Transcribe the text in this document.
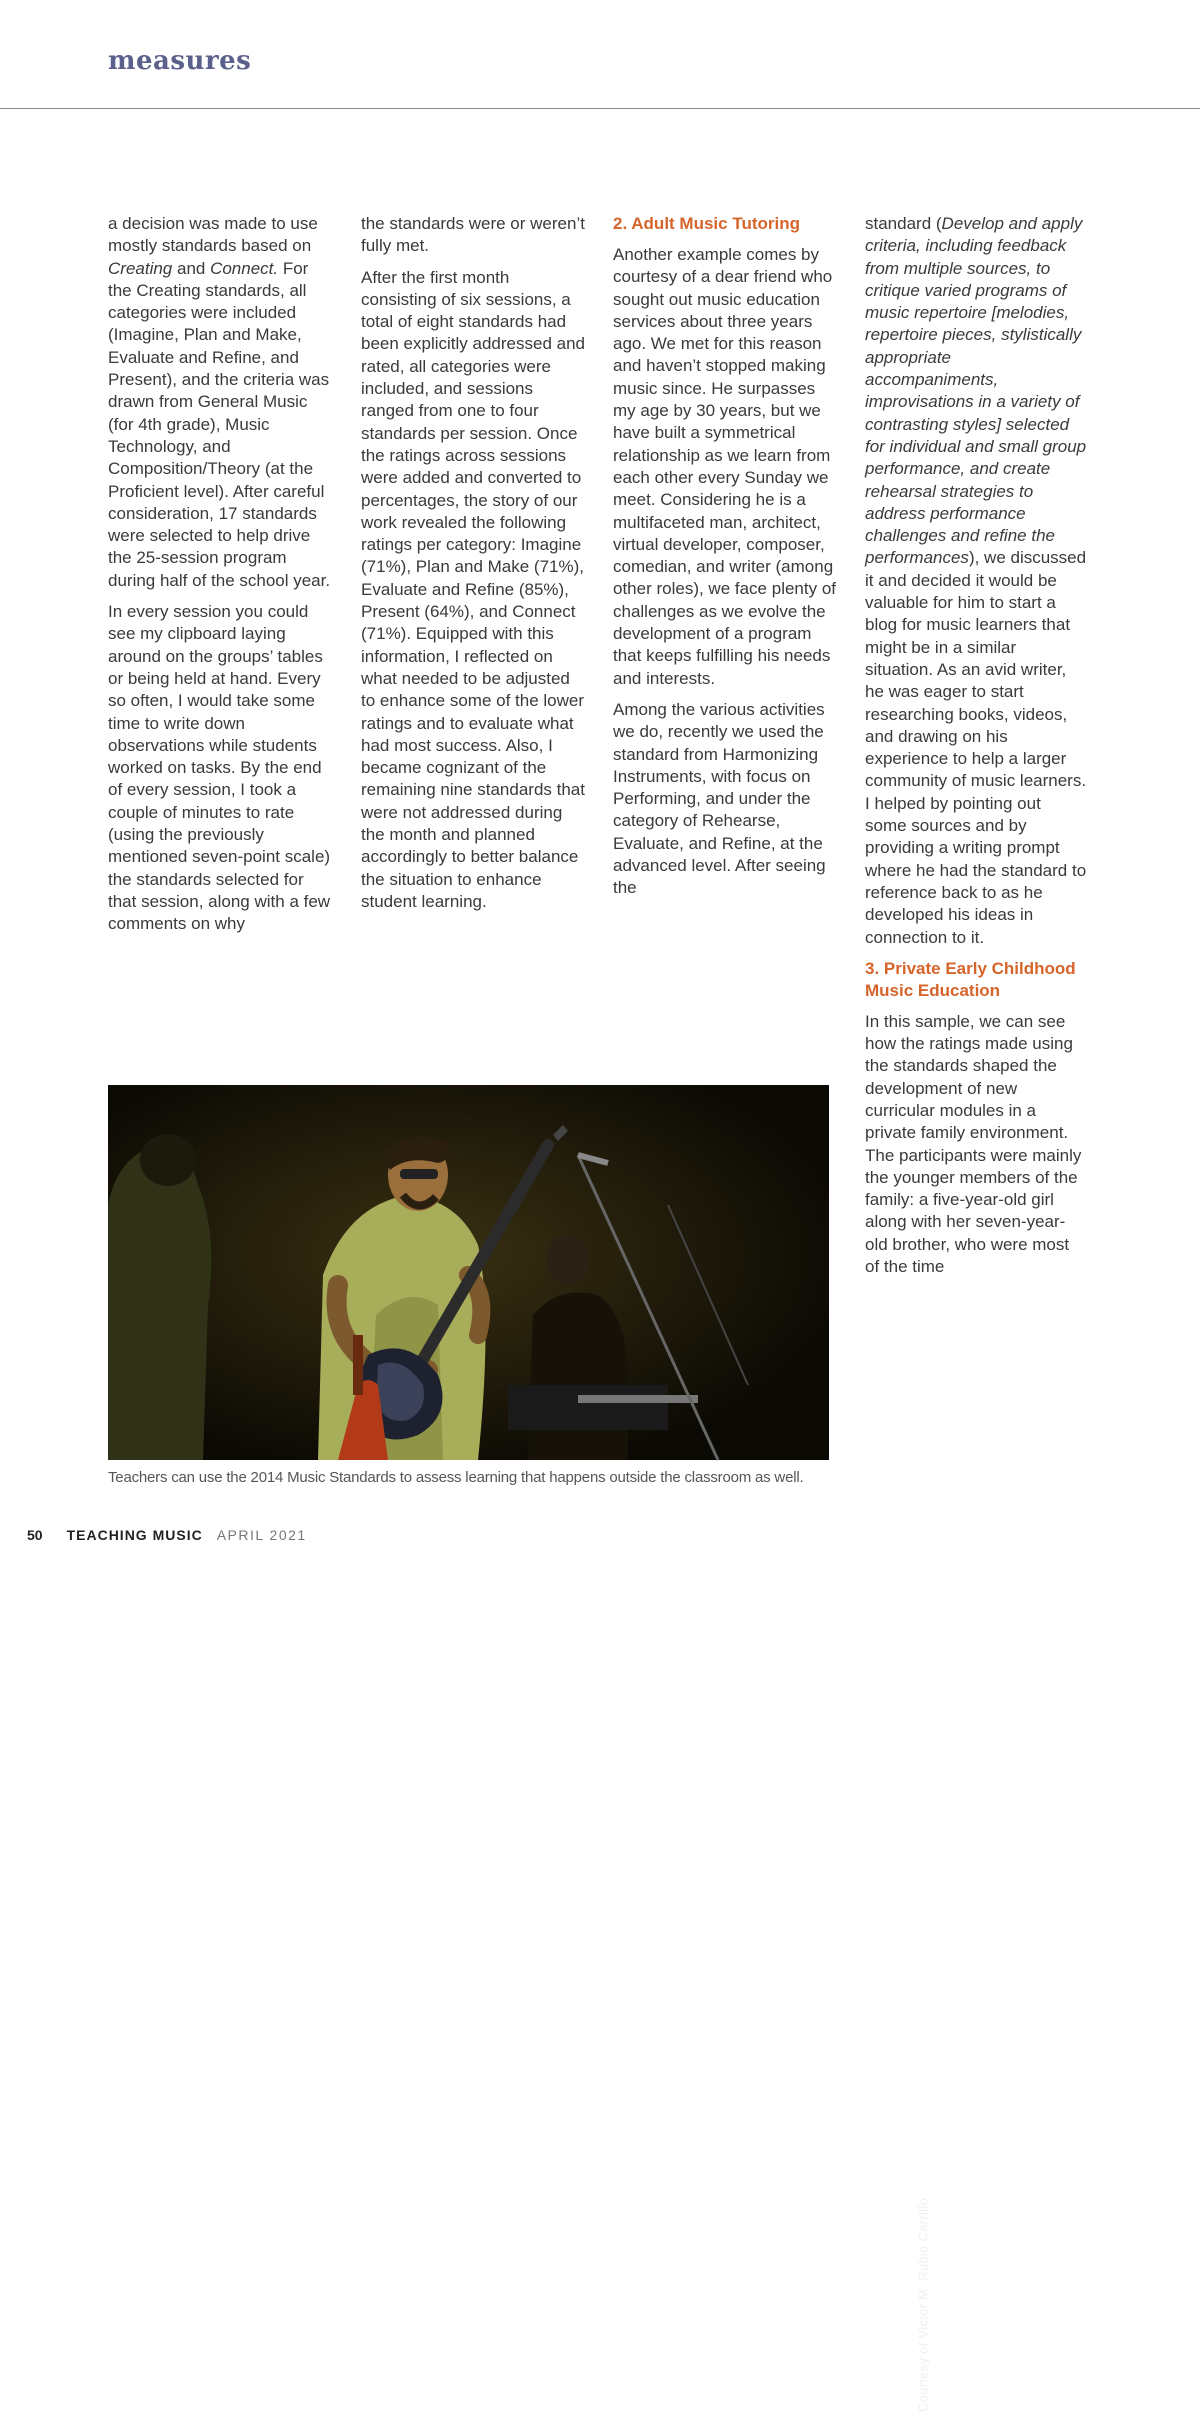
measures

a decision was made to use mostly standards based on Creating and Connect. For the Creating standards, all categories were included (Imagine, Plan and Make, Evaluate and Refine, and Present), and the criteria was drawn from General Music (for 4th grade), Music Technology, and Composition/Theory (at the Proficient level). After careful consideration, 17 standards were selected to help drive the 25-session program during half of the school year.

In every session you could see my clipboard laying around on the groups’ tables or being held at hand. Every so often, I would take some time to write down observations while students worked on tasks. By the end of every session, I took a couple of minutes to rate (using the previously mentioned seven-point scale) the standards selected for that session, along with a few comments on why

the standards were or weren’t fully met.

After the first month consisting of six sessions, a total of eight standards had been explicitly addressed and rated, all categories were included, and sessions ranged from one to four standards per session. Once the ratings across sessions were added and converted to percentages, the story of our work revealed the following ratings per category: Imagine (71%), Plan and Make (71%), Evaluate and Refine (85%), Present (64%), and Connect (71%). Equipped with this information, I reflected on what needed to be adjusted to enhance some of the lower ratings and to evaluate what had most success. Also, I became cognizant of the remaining nine standards that were not addressed during the month and planned accordingly to better balance the situation to enhance student learning.

2. Adult Music Tutoring

Another example comes by courtesy of a dear friend who sought out music education services about three years ago. We met for this reason and haven’t stopped making music since. He surpasses my age by 30 years, but we have built a symmetrical relationship as we learn from each other every Sunday we meet. Considering he is a multifaceted man, architect, virtual developer, composer, comedian, and writer (among other roles), we face plenty of challenges as we evolve the development of a program that keeps fulfilling his needs and interests.

Among the various activities we do, recently we used the standard from Harmonizing Instruments, with focus on Performing, and under the category of Rehearse, Evaluate, and Refine, at the advanced level. After seeing the

standard (Develop and apply criteria, including feedback from multiple sources, to critique varied programs of music repertoire [melodies, repertoire pieces, stylistically appropriate accompaniments, improvisations in a variety of contrasting styles] selected for individual and small group performance, and create rehearsal strategies to address performance challenges and refine the performances), we discussed it and decided it would be valuable for him to start a blog for music learners that might be in a similar situation. As an avid writer, he was eager to start researching books, videos, and drawing on his experience to help a larger community of music learners. I helped by pointing out some sources and by providing a writing prompt where he had the standard to reference back to as he developed his ideas in connection to it.

3. Private Early Childhood Music Education

In this sample, we can see how the ratings made using the standards shaped the development of new curricular modules in a private family environment. The participants were mainly the younger members of the family: a five-year-old girl along with her seven-year-old brother, who were most of the time

Courtesy of Victor M. Rubio Carrillo
Teachers can use the 2014 Music Standards to assess learning that happens outside the classroom as well.
50 TEACHING MUSIC APRIL 2021
